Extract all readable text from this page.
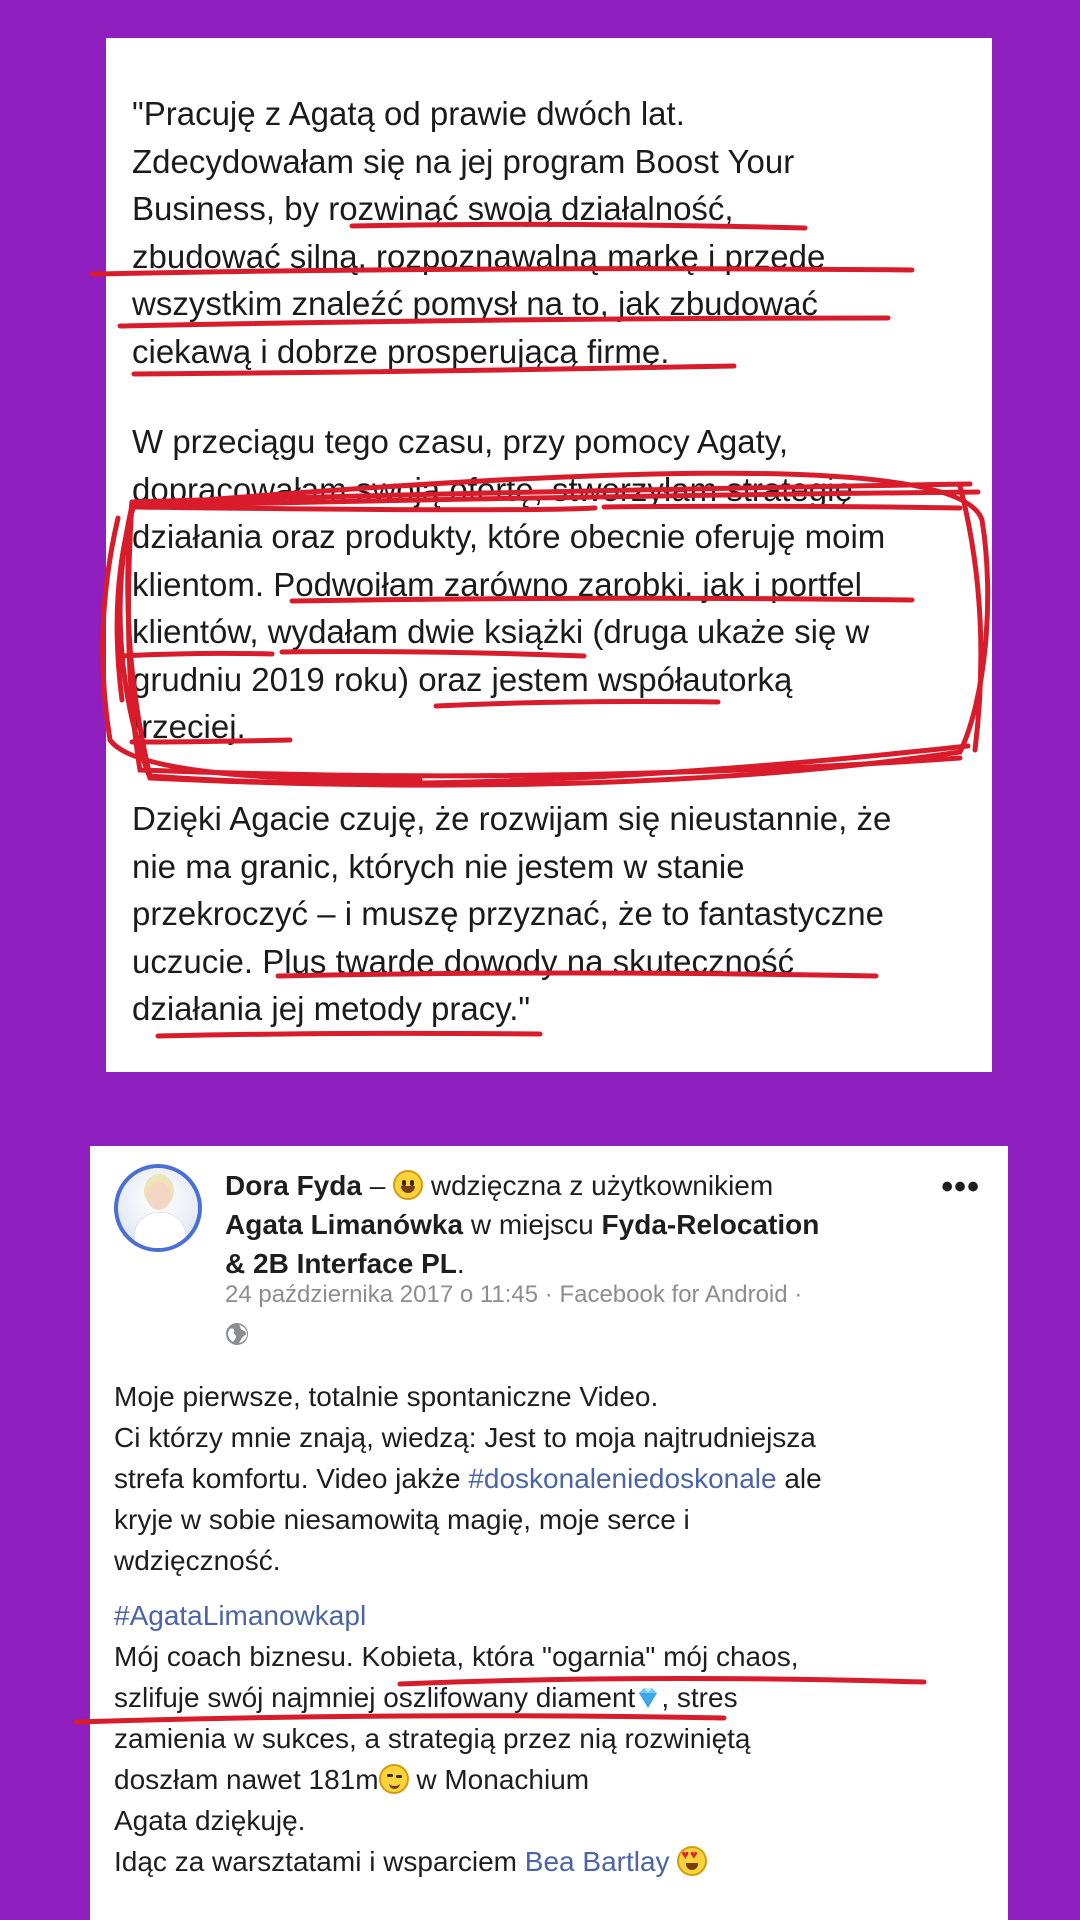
"Pracuję z Agatą od prawie dwóch lat.
Zdecydowałam się na jej program Boost Your
Business, by rozwinąć swoją działalność,
zbudować silną, rozpoznawalną markę i przede
wszystkim znaleźć pomysł na to, jak zbudować
ciekawą i dobrze prosperującą firmę.
W przeciągu tego czasu, przy pomocy Agaty,
dopracowałam swoją ofertę, stworzyłam strategię
działania oraz produkty, które obecnie oferuję moim
klientom. Podwoiłam zarówno zarobki, jak i portfel
klientów, wydałam dwie książki (druga ukaże się w
grudniu 2019 roku) oraz jestem współautorką
trzeciej.
Dzięki Agacie czuję, że rozwijam się nieustannie, że
nie ma granic, których nie jestem w stanie
przekroczyć – i muszę przyznać, że to fantastyczne
uczucie. Plus twarde dowody na skuteczność
działania jej metody pracy."
Dora Fyda – wdzięczna z użytkownikiem
Agata Limanówka w miejscu Fyda-Relocation
& 2B Interface PL.
•••
24 października 2017 o 11:45 · Facebook for Android ·

Moje pierwsze, totalnie spontaniczne Video.

Ci którzy mnie znają, wiedzą: Jest to moja najtrudniejsza

strefa komfortu. Video jakże #doskonaleniedoskonale ale

kryje w sobie niesamowitą magię, moje serce i

wdzięczność.

#AgataLimanowkapl

Mój coach biznesu. Kobieta, która "ogarnia" mój chaos,

szlifuje swój najmniej oszlifowany diament , stres

zamienia w sukces, a strategią przez nią rozwiniętą

doszłam nawet 181m w Monachium

Agata dziękuję.

Idąc za warsztatami i wsparciem Bea Bartlay ♥♥
